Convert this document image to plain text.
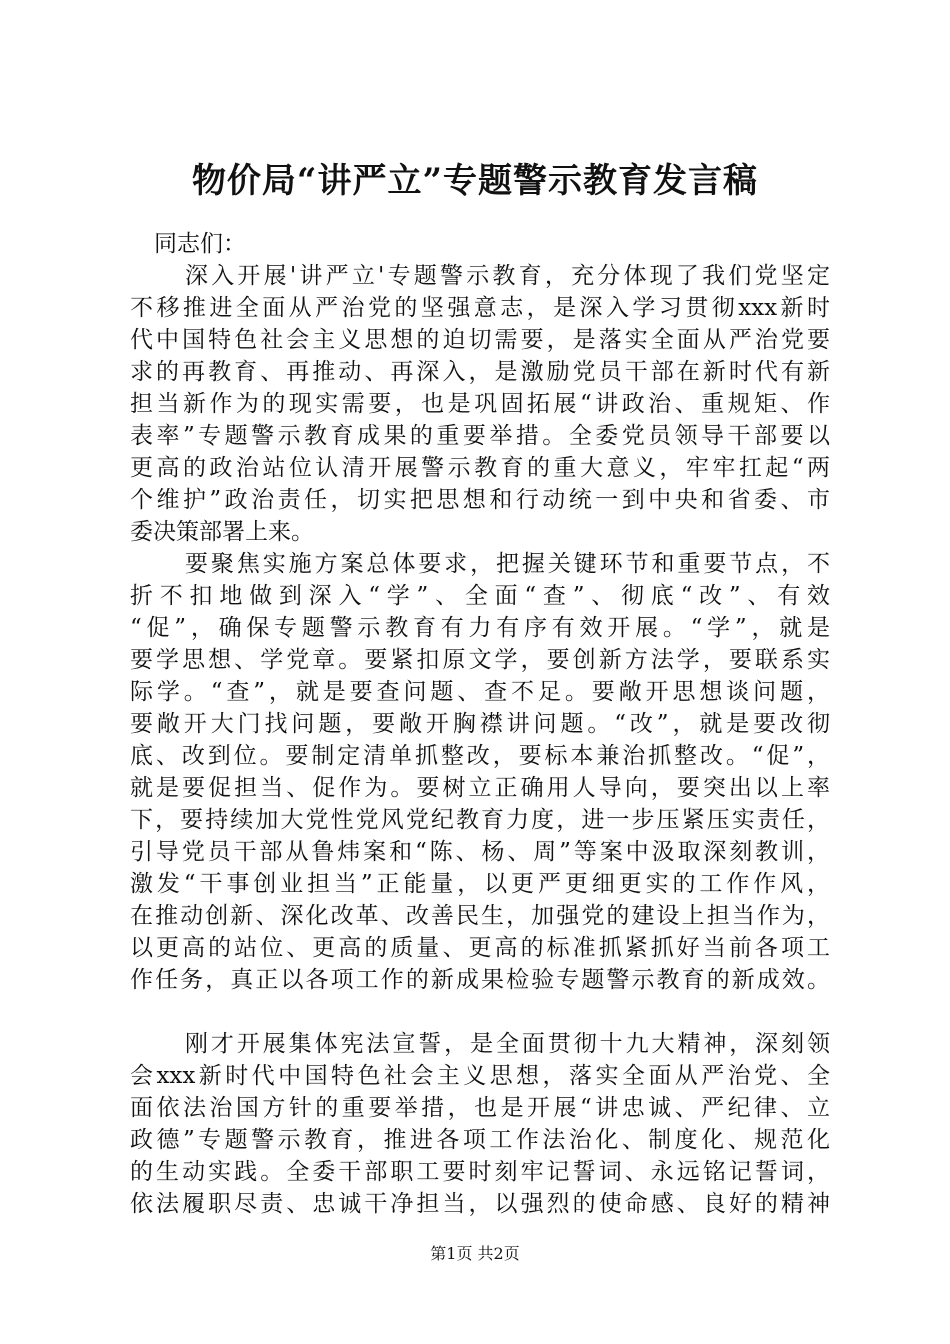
物价局“讲严立”专题警示教育发言稿
同志们：
深入开展'讲严立'专题警示教育，充分体现了我们党坚定
不移推进全面从严治党的坚强意志，是深入学习贯彻xxx新时
代中国特色社会主义思想的迫切需要，是落实全面从严治党要
求的再教育、再推动、再深入，是激励党员干部在新时代有新
担当新作为的现实需要，也是巩固拓展“讲政治、重规矩、作
表率”专题警示教育成果的重要举措。全委党员领导干部要以
更高的政治站位认清开展警示教育的重大意义，牢牢扛起“两
个维护”政治责任，切实把思想和行动统一到中央和省委、市
委决策部署上来。
要聚焦实施方案总体要求，把握关键环节和重要节点，不
折不扣地做到深入“学”、全面“查”、彻底“改”、有效
“促”，确保专题警示教育有力有序有效开展。“学”，就是
要学思想、学党章。要紧扣原文学，要创新方法学，要联系实
际学。“查”，就是要查问题、查不足。要敞开思想谈问题，
要敞开大门找问题，要敞开胸襟讲问题。“改”，就是要改彻
底、改到位。要制定清单抓整改，要标本兼治抓整改。“促”，
就是要促担当、促作为。要树立正确用人导向，要突出以上率
下，要持续加大党性党风党纪教育力度，进一步压紧压实责任，
引导党员干部从鲁炜案和“陈、杨、周”等案中汲取深刻教训，
激发“干事创业担当”正能量，以更严更细更实的工作作风，
在推动创新、深化改革、改善民生，加强党的建设上担当作为，
以更高的站位、更高的质量、更高的标准抓紧抓好当前各项工
作任务，真正以各项工作的新成果检验专题警示教育的新成效。
刚才开展集体宪法宣誓，是全面贯彻十九大精神，深刻领
会xxx新时代中国特色社会主义思想，落实全面从严治党、全
面依法治国方针的重要举措，也是开展“讲忠诚、严纪律、立
政德”专题警示教育，推进各项工作法治化、制度化、规范化
的生动实践。全委干部职工要时刻牢记誓词、永远铭记誓词，
依法履职尽责、忠诚干净担当，以强烈的使命感、良好的精神
第1页 共2页
